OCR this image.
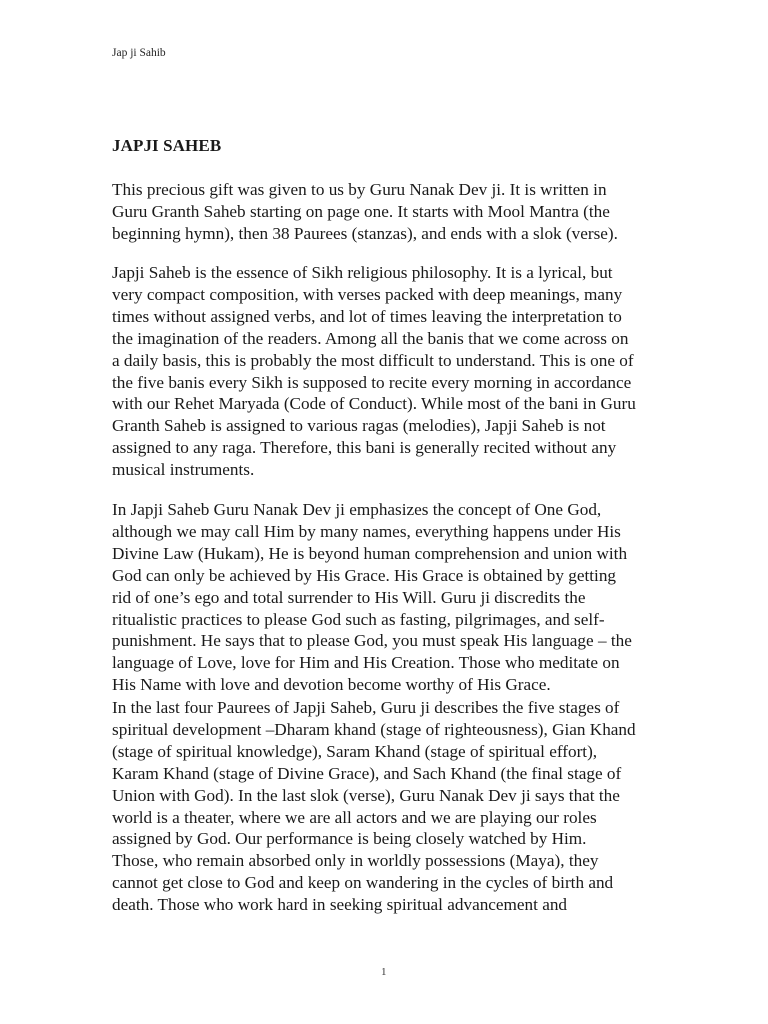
Jap ji Sahib
JAPJI SAHEB

This precious gift was given to us by Guru Nanak Dev ji. It is written in
Guru Granth Saheb starting on page one. It starts with Mool Mantra (the
beginning hymn), then 38 Paurees (stanzas), and ends with a slok (verse).

Japji Saheb is the essence of Sikh religious philosophy. It is a lyrical, but
very compact composition, with verses packed with deep meanings, many
times without assigned verbs, and lot of times leaving the interpretation to
the imagination of the readers. Among all the banis that we come across on
a daily basis, this is probably the most difficult to understand. This is one of
the five banis every Sikh is supposed to recite every morning in accordance
with our Rehet Maryada (Code of Conduct). While most of the bani in Guru
Granth Saheb is assigned to various ragas (melodies), Japji Saheb is not
assigned to any raga. Therefore, this bani is generally recited without any
musical instruments.

In Japji Saheb Guru Nanak Dev ji emphasizes the concept of One God,
although we may call Him by many names, everything happens under His
Divine Law (Hukam), He is beyond human comprehension and union with
God can only be achieved by His Grace. His Grace is obtained by getting
rid of one’s ego and total surrender to His Will. Guru ji discredits the
ritualistic practices to please God such as fasting, pilgrimages, and self-
punishment. He says that to please God, you must speak His language – the
language of Love, love for Him and His Creation. Those who meditate on
His Name with love and devotion become worthy of His Grace.

In the last four Paurees of Japji Saheb, Guru ji describes the five stages of
spiritual development –Dharam khand (stage of righteousness), Gian Khand
(stage of spiritual knowledge), Saram Khand (stage of spiritual effort),
Karam Khand (stage of Divine Grace), and Sach Khand (the final stage of
Union with God). In the last slok (verse), Guru Nanak Dev ji says that the
world is a theater, where we are all actors and we are playing our roles
assigned by God. Our performance is being closely watched by Him.
Those, who remain absorbed only in worldly possessions (Maya), they
cannot get close to God and keep on wandering in the cycles of birth and
death. Those who work hard in seeking spiritual advancement and

1
